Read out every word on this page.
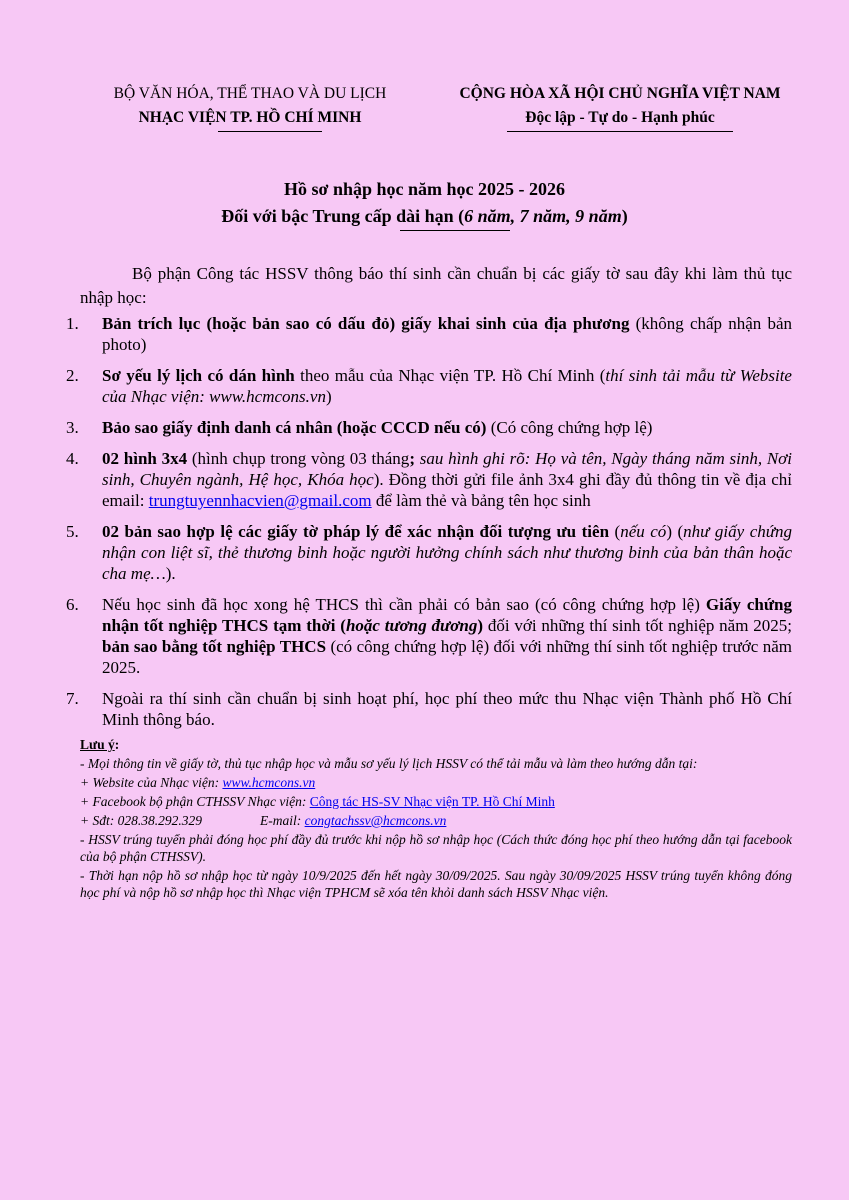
BỘ VĂN HÓA, THỂ THAO VÀ DU LỊCH
NHẠC VIỆN TP. HỒ CHÍ MINH
CỘNG HÒA XÃ HỘI CHỦ NGHĨA VIỆT NAM
Độc lập - Tự do - Hạnh phúc
Hồ sơ nhập học năm học 2025 - 2026
Đối với bậc Trung cấp dài hạn (6 năm, 7 năm, 9 năm)
Bộ phận Công tác HSSV thông báo thí sinh cần chuẩn bị các giấy tờ sau đây khi làm thủ tục nhập học:
1.	Bản trích lục (hoặc bản sao có dấu đỏ) giấy khai sinh của địa phương (không chấp nhận bản photo)
2.	Sơ yếu lý lịch có dán hình theo mẫu của Nhạc viện TP. Hồ Chí Minh (thí sinh tải mẫu từ Website của Nhạc viện: www.hcmcons.vn)
3.	Bảo sao giấy định danh cá nhân (hoặc CCCD nếu có) (Có công chứng hợp lệ)
4.	02 hình 3x4 (hình chụp trong vòng 03 tháng; sau hình ghi rõ: Họ và tên, Ngày tháng năm sinh, Nơi sinh, Chuyên ngành, Hệ học, Khóa học). Đồng thời gửi file ảnh 3x4 ghi đầy đủ thông tin về địa chỉ email: trungtuyennhacvien@gmail.com để làm thẻ và bảng tên học sinh
5.	02 bản sao hợp lệ các giấy tờ pháp lý để xác nhận đối tượng ưu tiên (nếu có) (như giấy chứng nhận con liệt sĩ, thẻ thương binh hoặc người hưởng chính sách như thương binh của bản thân hoặc cha mẹ…).
6.	Nếu học sinh đã học xong hệ THCS thì cần phải có bản sao (có công chứng hợp lệ) Giấy chứng nhận tốt nghiệp THCS tạm thời (hoặc tương đương) đối với những thí sinh tốt nghiệp năm 2025; bản sao bằng tốt nghiệp THCS (có công chứng hợp lệ) đối với những thí sinh tốt nghiệp trước năm 2025.
7.	Ngoài ra thí sinh cần chuẩn bị sinh hoạt phí, học phí theo mức thu Nhạc viện Thành phố Hồ Chí Minh thông báo.

Lưu ý:

- Mọi thông tin về giấy tờ, thủ tục nhập học và mẫu sơ yếu lý lịch HSSV có thể tải mẫu và làm theo hướng dẫn tại:

+ Website của Nhạc viện: www.hcmcons.vn

+ Facebook bộ phận CTHSSV Nhạc viện: Công tác HS-SV Nhạc viện TP. Hồ Chí Minh

+ Sđt: 028.38.292.329	E-mail: congtachssv@hcmcons.vn

- HSSV trúng tuyển phải đóng học phí đầy đủ trước khi nộp hồ sơ nhập học (Cách thức đóng học phí theo hướng dẫn tại facebook của bộ phận CTHSSV).

- Thời hạn nộp hồ sơ nhập học từ ngày 10/9/2025 đến hết ngày 30/09/2025. Sau ngày 30/09/2025 HSSV trúng tuyển không đóng học phí và nộp hồ sơ nhập học thì Nhạc viện TPHCM sẽ xóa tên khỏi danh sách HSSV Nhạc viện.
